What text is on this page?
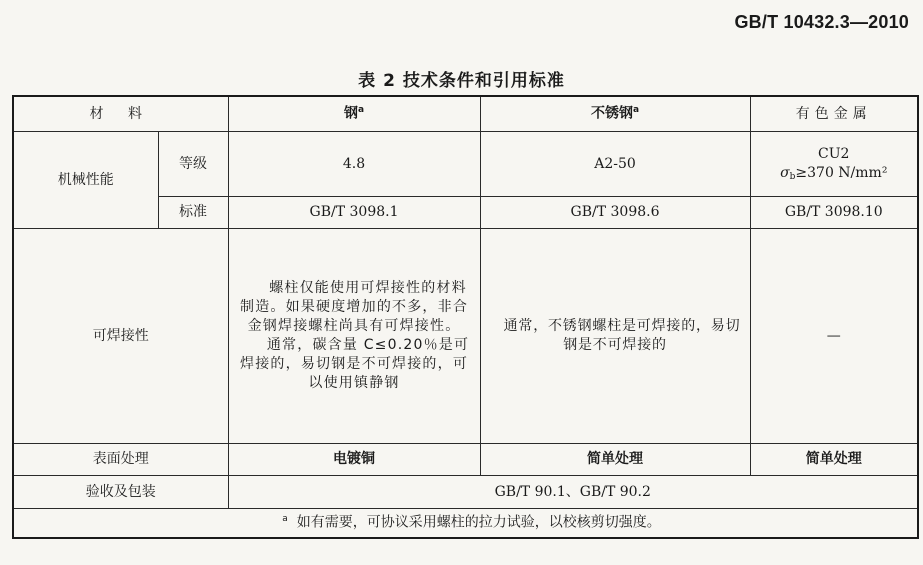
GB/T 10432.3—2010
表 2 技术条件和引用标准
材 料		钢$^a$	不锈钢$^a$	有色金属
机械性能	等级	4.8	A2-50	CU2
$\sigma_b\ge 370$ N/mm²

	标准	GB/T 3098.1	GB/T 3098.6	GB/T 3098.10
可焊接性		螺柱仅能使用可焊接性的材料制造。如果硬度增加的不多，非合金钢焊接螺柱尚具有可焊接性。

通常，碳含量 C≤0.20％是可焊接的，易切钢是不可焊接的，可以使用镇静钢	通常，不锈钢螺柱是可焊接的，易切钢是不可焊接的	—
表面处理		电镀铜	简单处理	简单处理
验收及包装		GB/T 90.1、GB/T 90.2		
$^a$ 如有需要，可协议采用螺柱的拉力试验，以校核剪切强度。				
